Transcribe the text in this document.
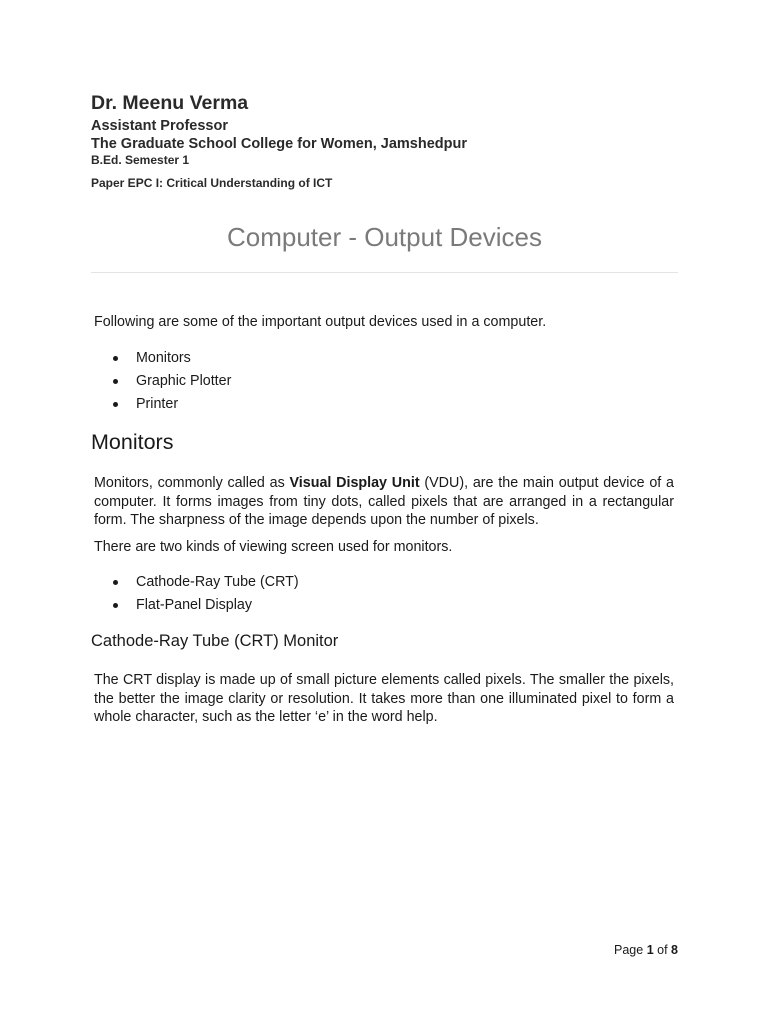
Dr. Meenu Verma
Assistant Professor
The Graduate School College for Women, Jamshedpur
B.Ed. Semester 1
Paper EPC I: Critical Understanding of ICT
Computer - Output Devices
Following are some of the important output devices used in a computer.
Monitors
Graphic Plotter
Printer
Monitors
Monitors, commonly called as Visual Display Unit (VDU), are the main output device of a computer. It forms images from tiny dots, called pixels that are arranged in a rectangular form. The sharpness of the image depends upon the number of pixels.
There are two kinds of viewing screen used for monitors.
Cathode-Ray Tube (CRT)
Flat-Panel Display
Cathode-Ray Tube (CRT) Monitor
The CRT display is made up of small picture elements called pixels. The smaller the pixels, the better the image clarity or resolution. It takes more than one illuminated pixel to form a whole character, such as the letter ‘e’ in the word help.
Page 1 of 8
